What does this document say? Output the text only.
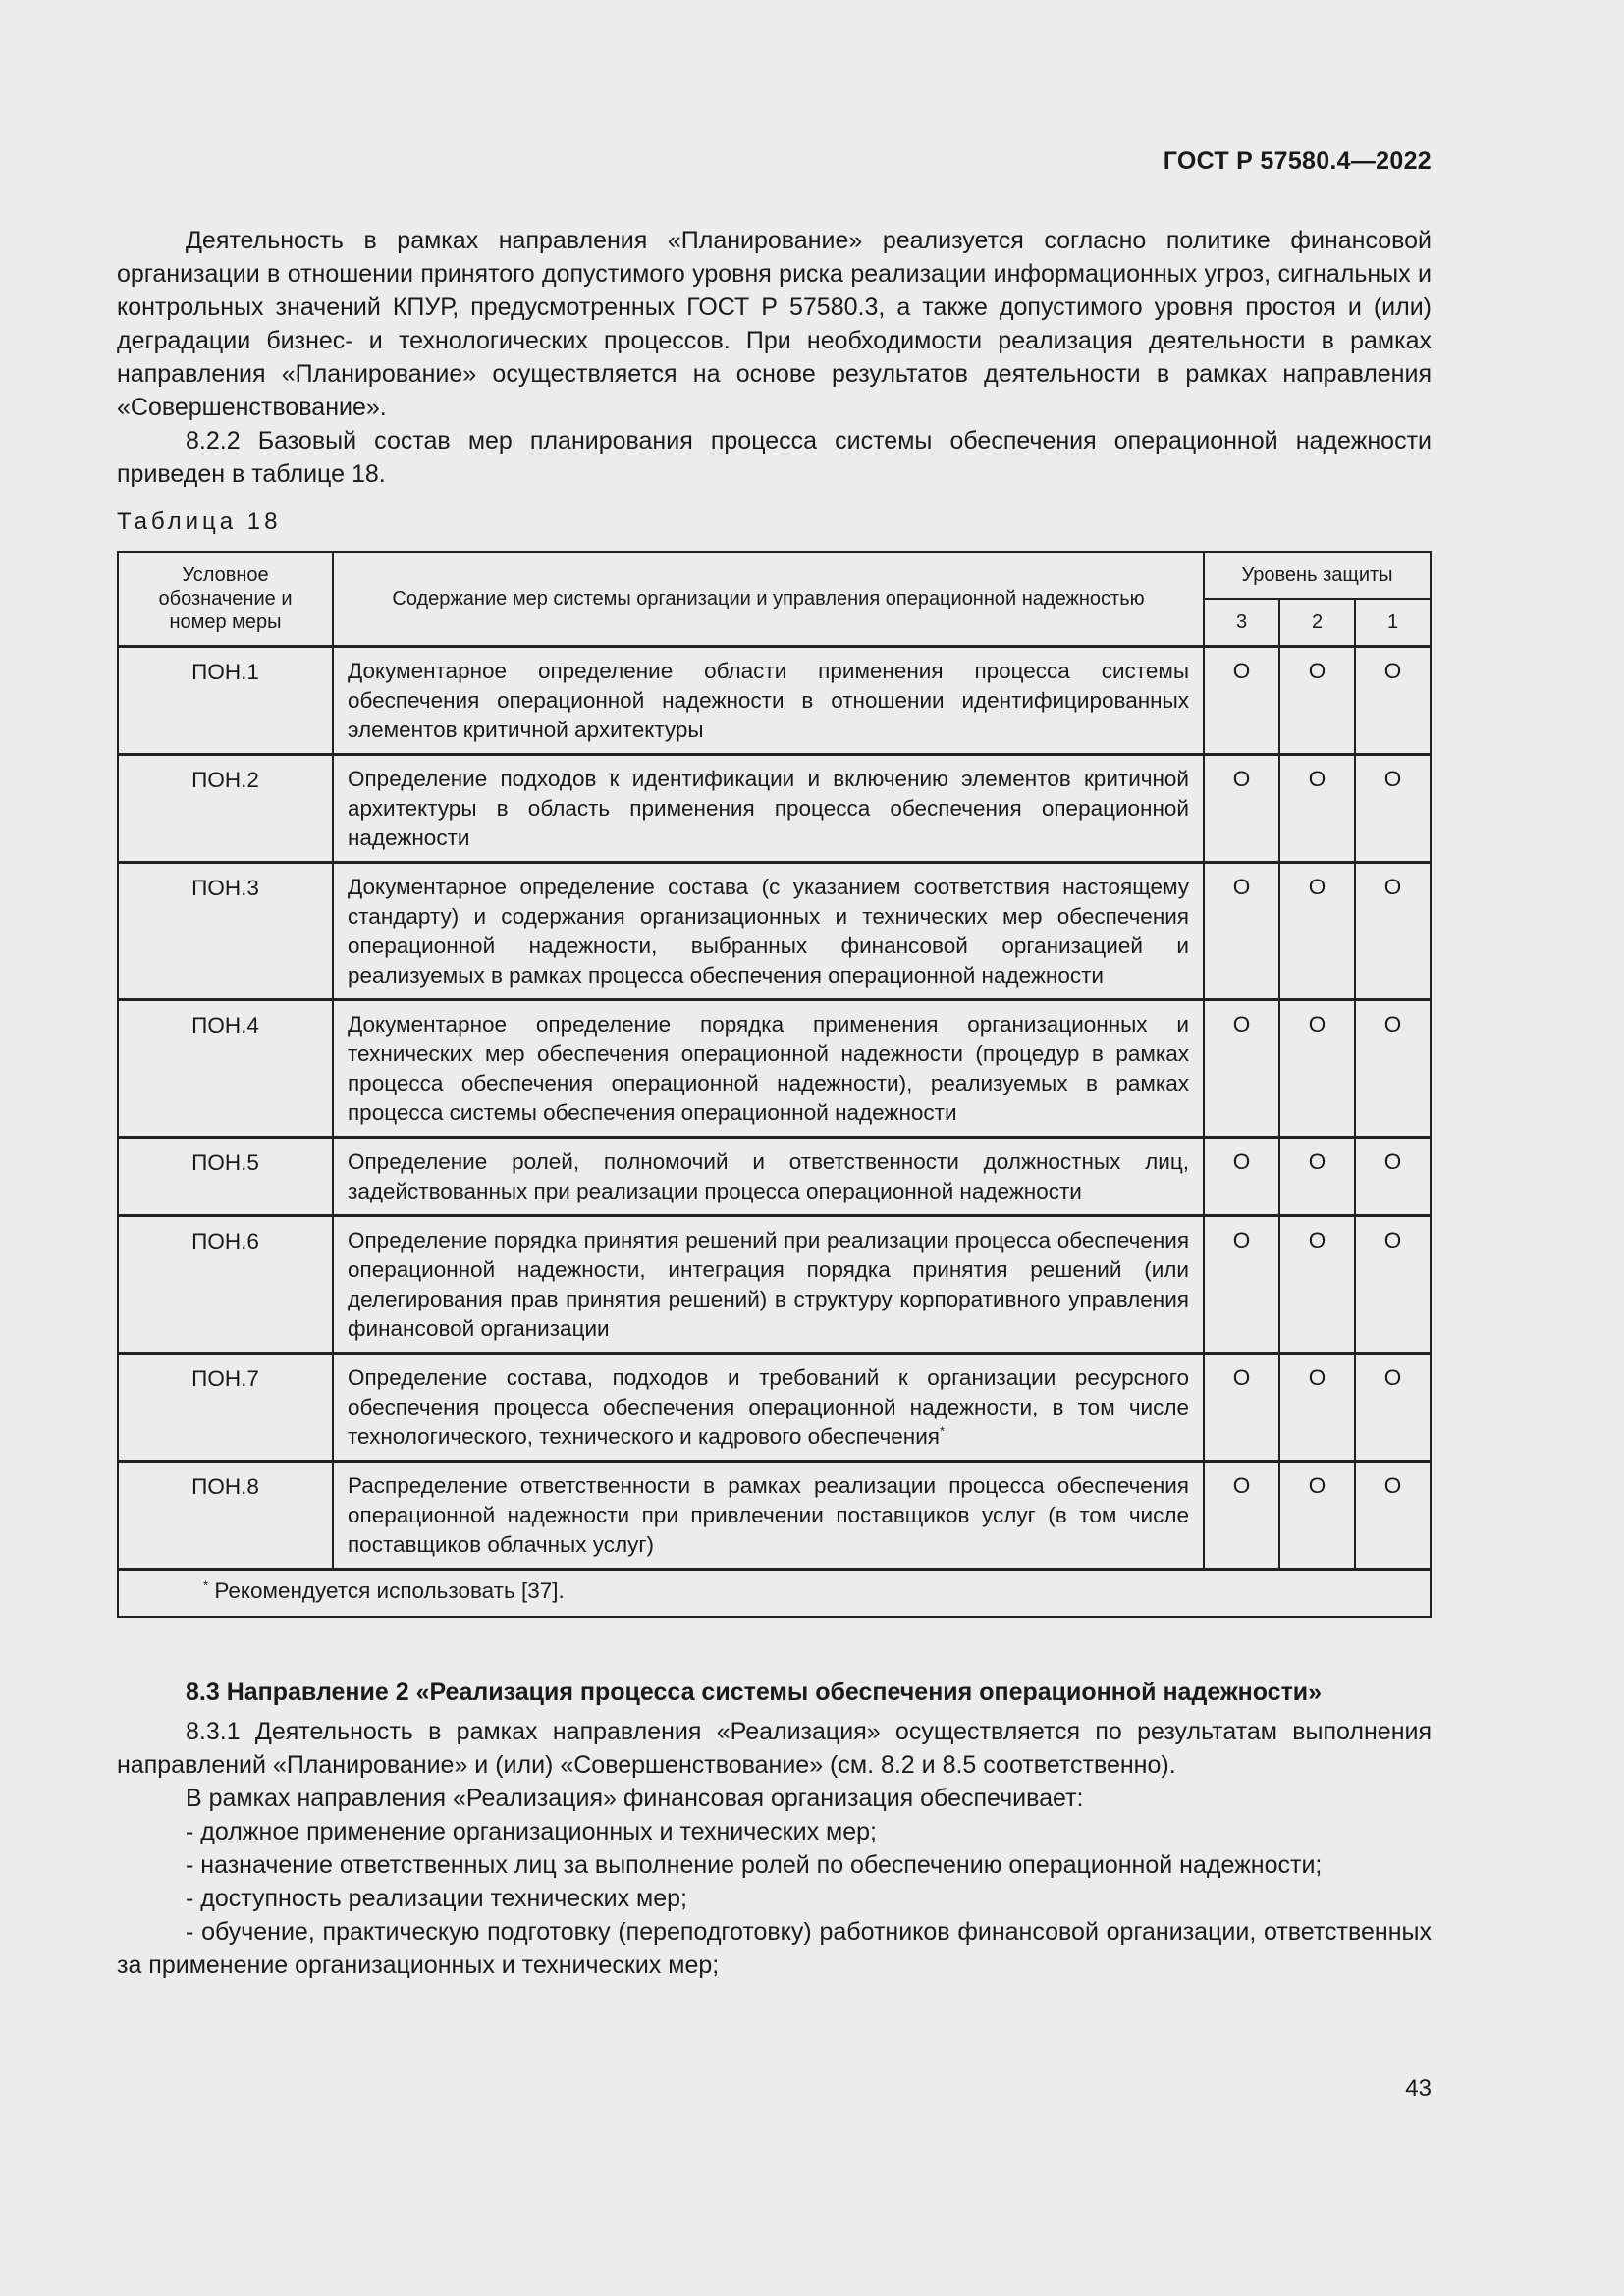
ГОСТ Р 57580.4—2022

Деятельность в рамках направления «Планирование» реализуется согласно политике финансовой организации в отношении принятого допустимого уровня риска реализации информационных угроз, сигнальных и контрольных значений КПУР, предусмотренных ГОСТ Р 57580.3, а также допустимого уровня простоя и (или) деградации бизнес- и технологических процессов. При необходимости реализация деятельности в рамках направления «Планирование» осуществляется на основе результатов деятельности в рамках направления «Совершенствование».

8.2.2 Базовый состав мер планирования процесса системы обеспечения операционной надежности приведен в таблице 18.

Таблица 18
Условное обозначение и номер меры	Содержание мер системы организации и управления операционной надежностью	Уровень защиты		
		3	2	1
ПОН.1	Документарное определение области применения процесса системы обеспечения операционной надежности в отношении идентифицированных элементов критичной архитектуры	О	О	О
ПОН.2	Определение подходов к идентификации и включению элементов критичной архитектуры в область применения процесса обеспечения операционной надежности	О	О	О
ПОН.3	Документарное определение состава (с указанием соответствия настоящему стандарту) и содержания организационных и технических мер обеспечения операционной надежности, выбранных финансовой организацией и реализуемых в рамках процесса обеспечения операционной надежности	О	О	О
ПОН.4	Документарное определение порядка применения организационных и технических мер обеспечения операционной надежности (процедур в рамках процесса обеспечения операционной надежности), реализуемых в рамках процесса системы обеспечения операционной надежности	О	О	О
ПОН.5	Определение ролей, полномочий и ответственности должностных лиц, задействованных при реализации процесса операционной надежности	О	О	О
ПОН.6	Определение порядка принятия решений при реализации процесса обеспечения операционной надежности, интеграция порядка принятия решений (или делегирования прав принятия решений) в структуру корпоративного управления финансовой организации	О	О	О
ПОН.7	Определение состава, подходов и требований к организации ресурсного обеспечения процесса обеспечения операционной надежности, в том числе технологического, технического и кадрового обеспечения*	О	О	О
ПОН.8	Распределение ответственности в рамках реализации процесса обеспечения операционной надежности при привлечении поставщиков услуг (в том числе поставщиков облачных услуг)	О	О	О
* Рекомендуется использовать [37].				

8.3 Направление 2 «Реализация процесса системы обеспечения операционной надежности»

8.3.1 Деятельность в рамках направления «Реализация» осуществляется по результатам выполнения направлений «Планирование» и (или) «Совершенствование» (см. 8.2 и 8.5 соответственно).

В рамках направления «Реализация» финансовая организация обеспечивает:

- должное применение организационных и технических мер;

- назначение ответственных лиц за выполнение ролей по обеспечению операционной надежности;

- доступность реализации технических мер;

- обучение, практическую подготовку (переподготовку) работников финансовой организации, ответственных за применение организационных и технических мер;

43
